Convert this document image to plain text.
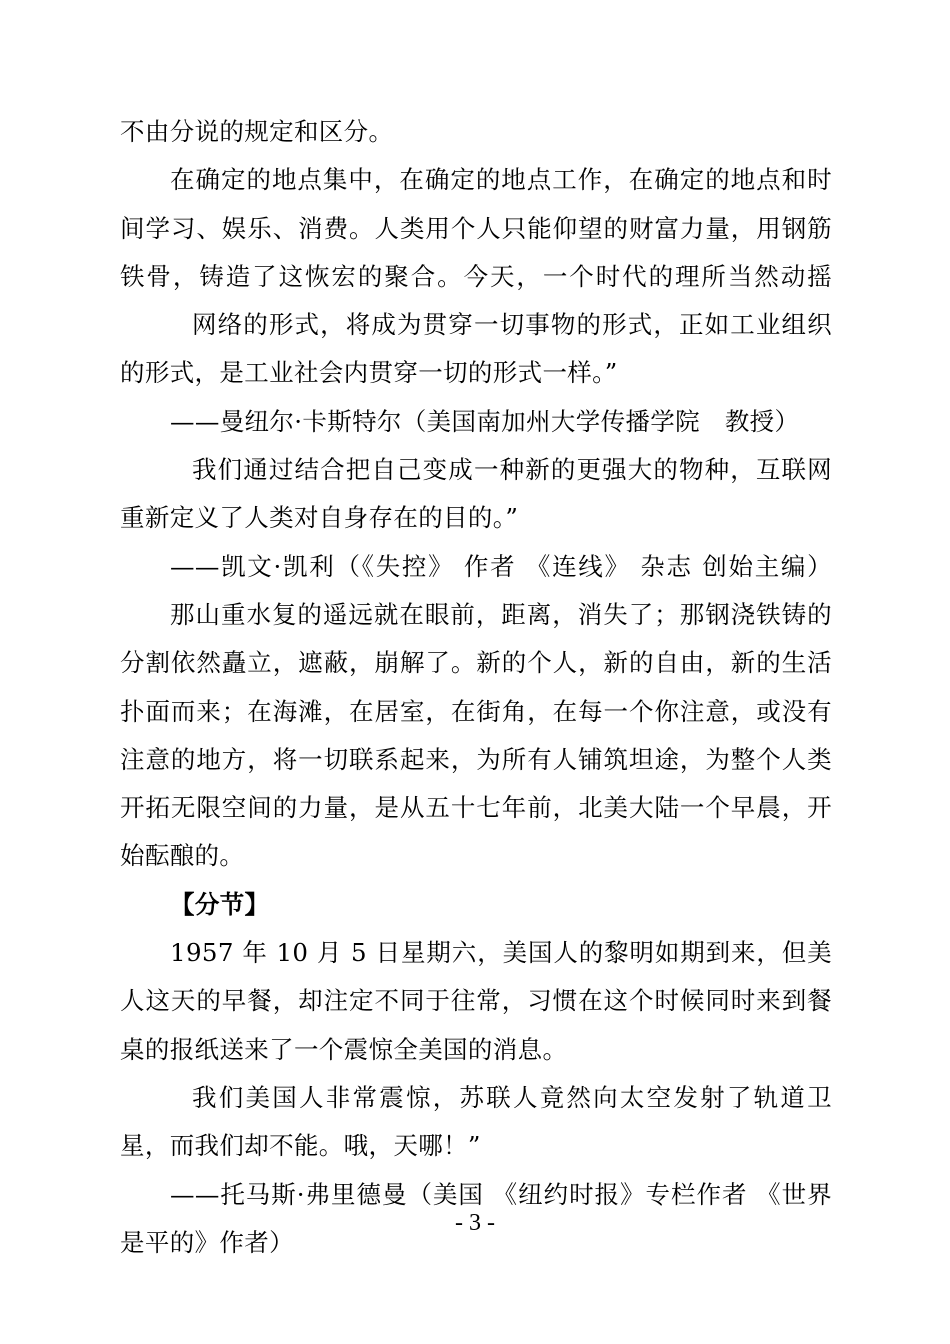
不由分说的规定和区分。
在确定的地点集中，在确定的地点工作，在确定的地点和时
间学习、娱乐、消费。人类用个人只能仰望的财富力量，用钢筋
铁骨，铸造了这恢宏的聚合。今天，一个时代的理所当然动摇
网络的形式，将成为贯穿一切事物的形式，正如工业组织
的形式，是工业社会内贯穿一切的形式一样。”
——曼纽尔·卡斯特尔（美国南加州大学传播学院　教授）
我们通过结合把自己变成一种新的更强大的物种，互联网
重新定义了人类对自身存在的目的。”
——凯文·凯利（《失控》 作者 《连线》 杂志 创始主编）
那山重水复的遥远就在眼前，距离，消失了；那钢浇铁铸的
分割依然矗立，遮蔽，崩解了。新的个人，新的自由，新的生活
扑面而来；在海滩，在居室，在街角，在每一个你注意，或没有
注意的地方，将一切联系起来，为所有人铺筑坦途，为整个人类
开拓无限空间的力量，是从五十七年前，北美大陆一个早晨，开
始酝酿的。
【分节】
1957 年 10 月 5 日星期六，美国人的黎明如期到来，但美
人这天的早餐，却注定不同于往常，习惯在这个时候同时来到餐
桌的报纸送来了一个震惊全美国的消息。
我们美国人非常震惊，苏联人竟然向太空发射了轨道卫
星，而我们却不能。哦，天哪！”
——托马斯·弗里德曼（美国 《纽约时报》专栏作者 《世界
是平的》作者）
- 3 -
